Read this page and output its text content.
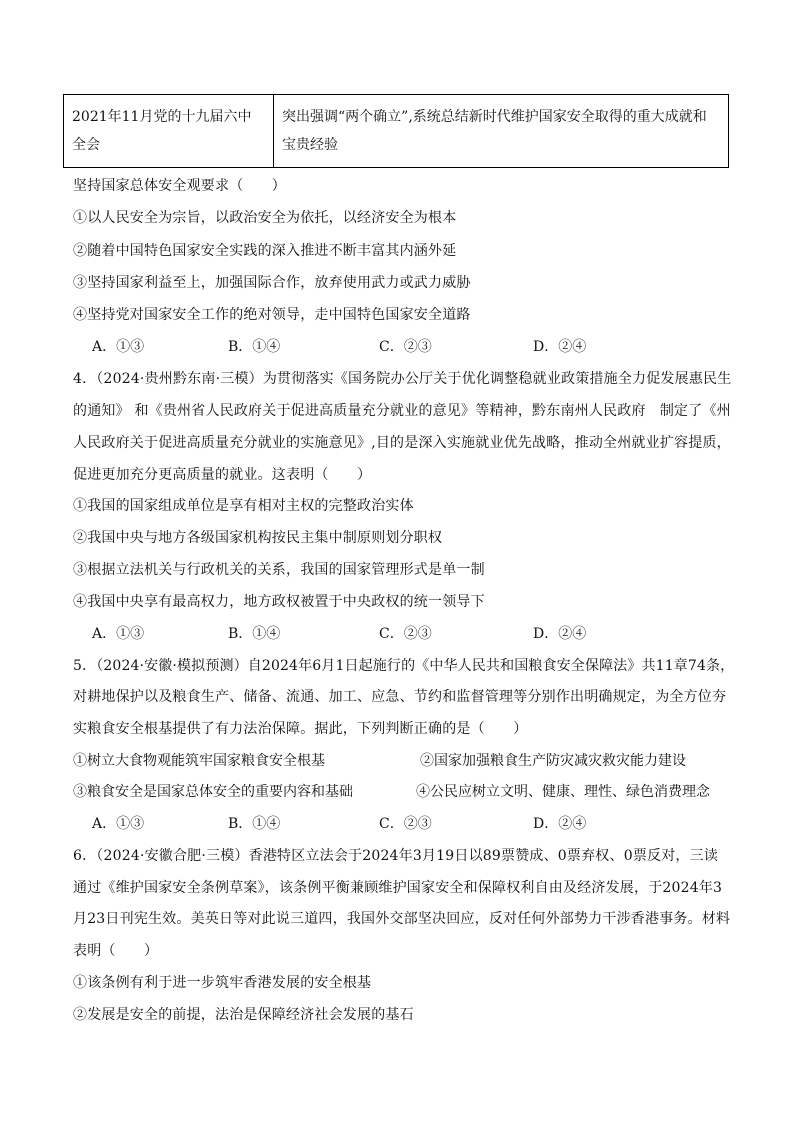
2021年11月党的十九届六中全会	突出强调“两个确立”,系统总结新时代维护国家安全取得的重大成就和宝贵经验
坚持国家总体安全观要求（　　）
①以人民安全为宗旨，以政治安全为依托，以经济安全为根本
②随着中国特色国家安全实践的深入推进不断丰富其内涵外延
③坚持国家利益至上，加强国际合作，放弃使用武力或武力威胁
④坚持党对国家安全工作的绝对领导，走中国特色国家安全道路
A．①③	B．①④	C．②③	D．②④
4．（2024·贵州黔东南·三模）为贯彻落实《国务院办公厅关于优化调整稳就业政策措施全力促发展惠民生
的通知》 和《贵州省人民政府关于促进高质量充分就业的意见》等精神，黔东南州人民政府　制定了《州
人民政府关于促进高质量充分就业的实施意见》,目的是深入实施就业优先战略，推动全州就业扩容提质，
促进更加充分更高质量的就业。这表明（　　）
①我国的国家组成单位是享有相对主权的完整政治实体
②我国中央与地方各级国家机构按民主集中制原则划分职权
③根据立法机关与行政机关的关系，我国的国家管理形式是单一制
④我国中央享有最高权力，地方政权被置于中央政权的统一领导下
A．①③	B．①④	C．②③	D．②④
5．（2024·安徽·模拟预测）自2024年6月1日起施行的《中华人民共和国粮食安全保障法》共11章74条，
对耕地保护以及粮食生产、储备、流通、加工、应急、节约和监督管理等分别作出明确规定，为全方位夯
实粮食安全根基提供了有力法治保障。据此，下列判断正确的是（　　）
①树立大食物观能筑牢国家粮食安全根基	②国家加强粮食生产防灾减灾救灾能力建设
③粮食安全是国家总体安全的重要内容和基础	④公民应树立文明、健康、理性、绿色消费理念
A．①③	B．①④	C．②③	D．②④
6．（2024·安徽合肥·三模）香港特区立法会于2024年3月19日以89票赞成、0票弃权、0票反对，三读
通过《维护国家安全条例草案》，该条例平衡兼顾维护国家安全和保障权利自由及经济发展，于2024年3
月23日刊宪生效。美英日等对此说三道四，我国外交部坚决回应，反对任何外部势力干涉香港事务。材料
表明（　　）
①该条例有利于进一步筑牢香港发展的安全根基
②发展是安全的前提，法治是保障经济社会发展的基石
